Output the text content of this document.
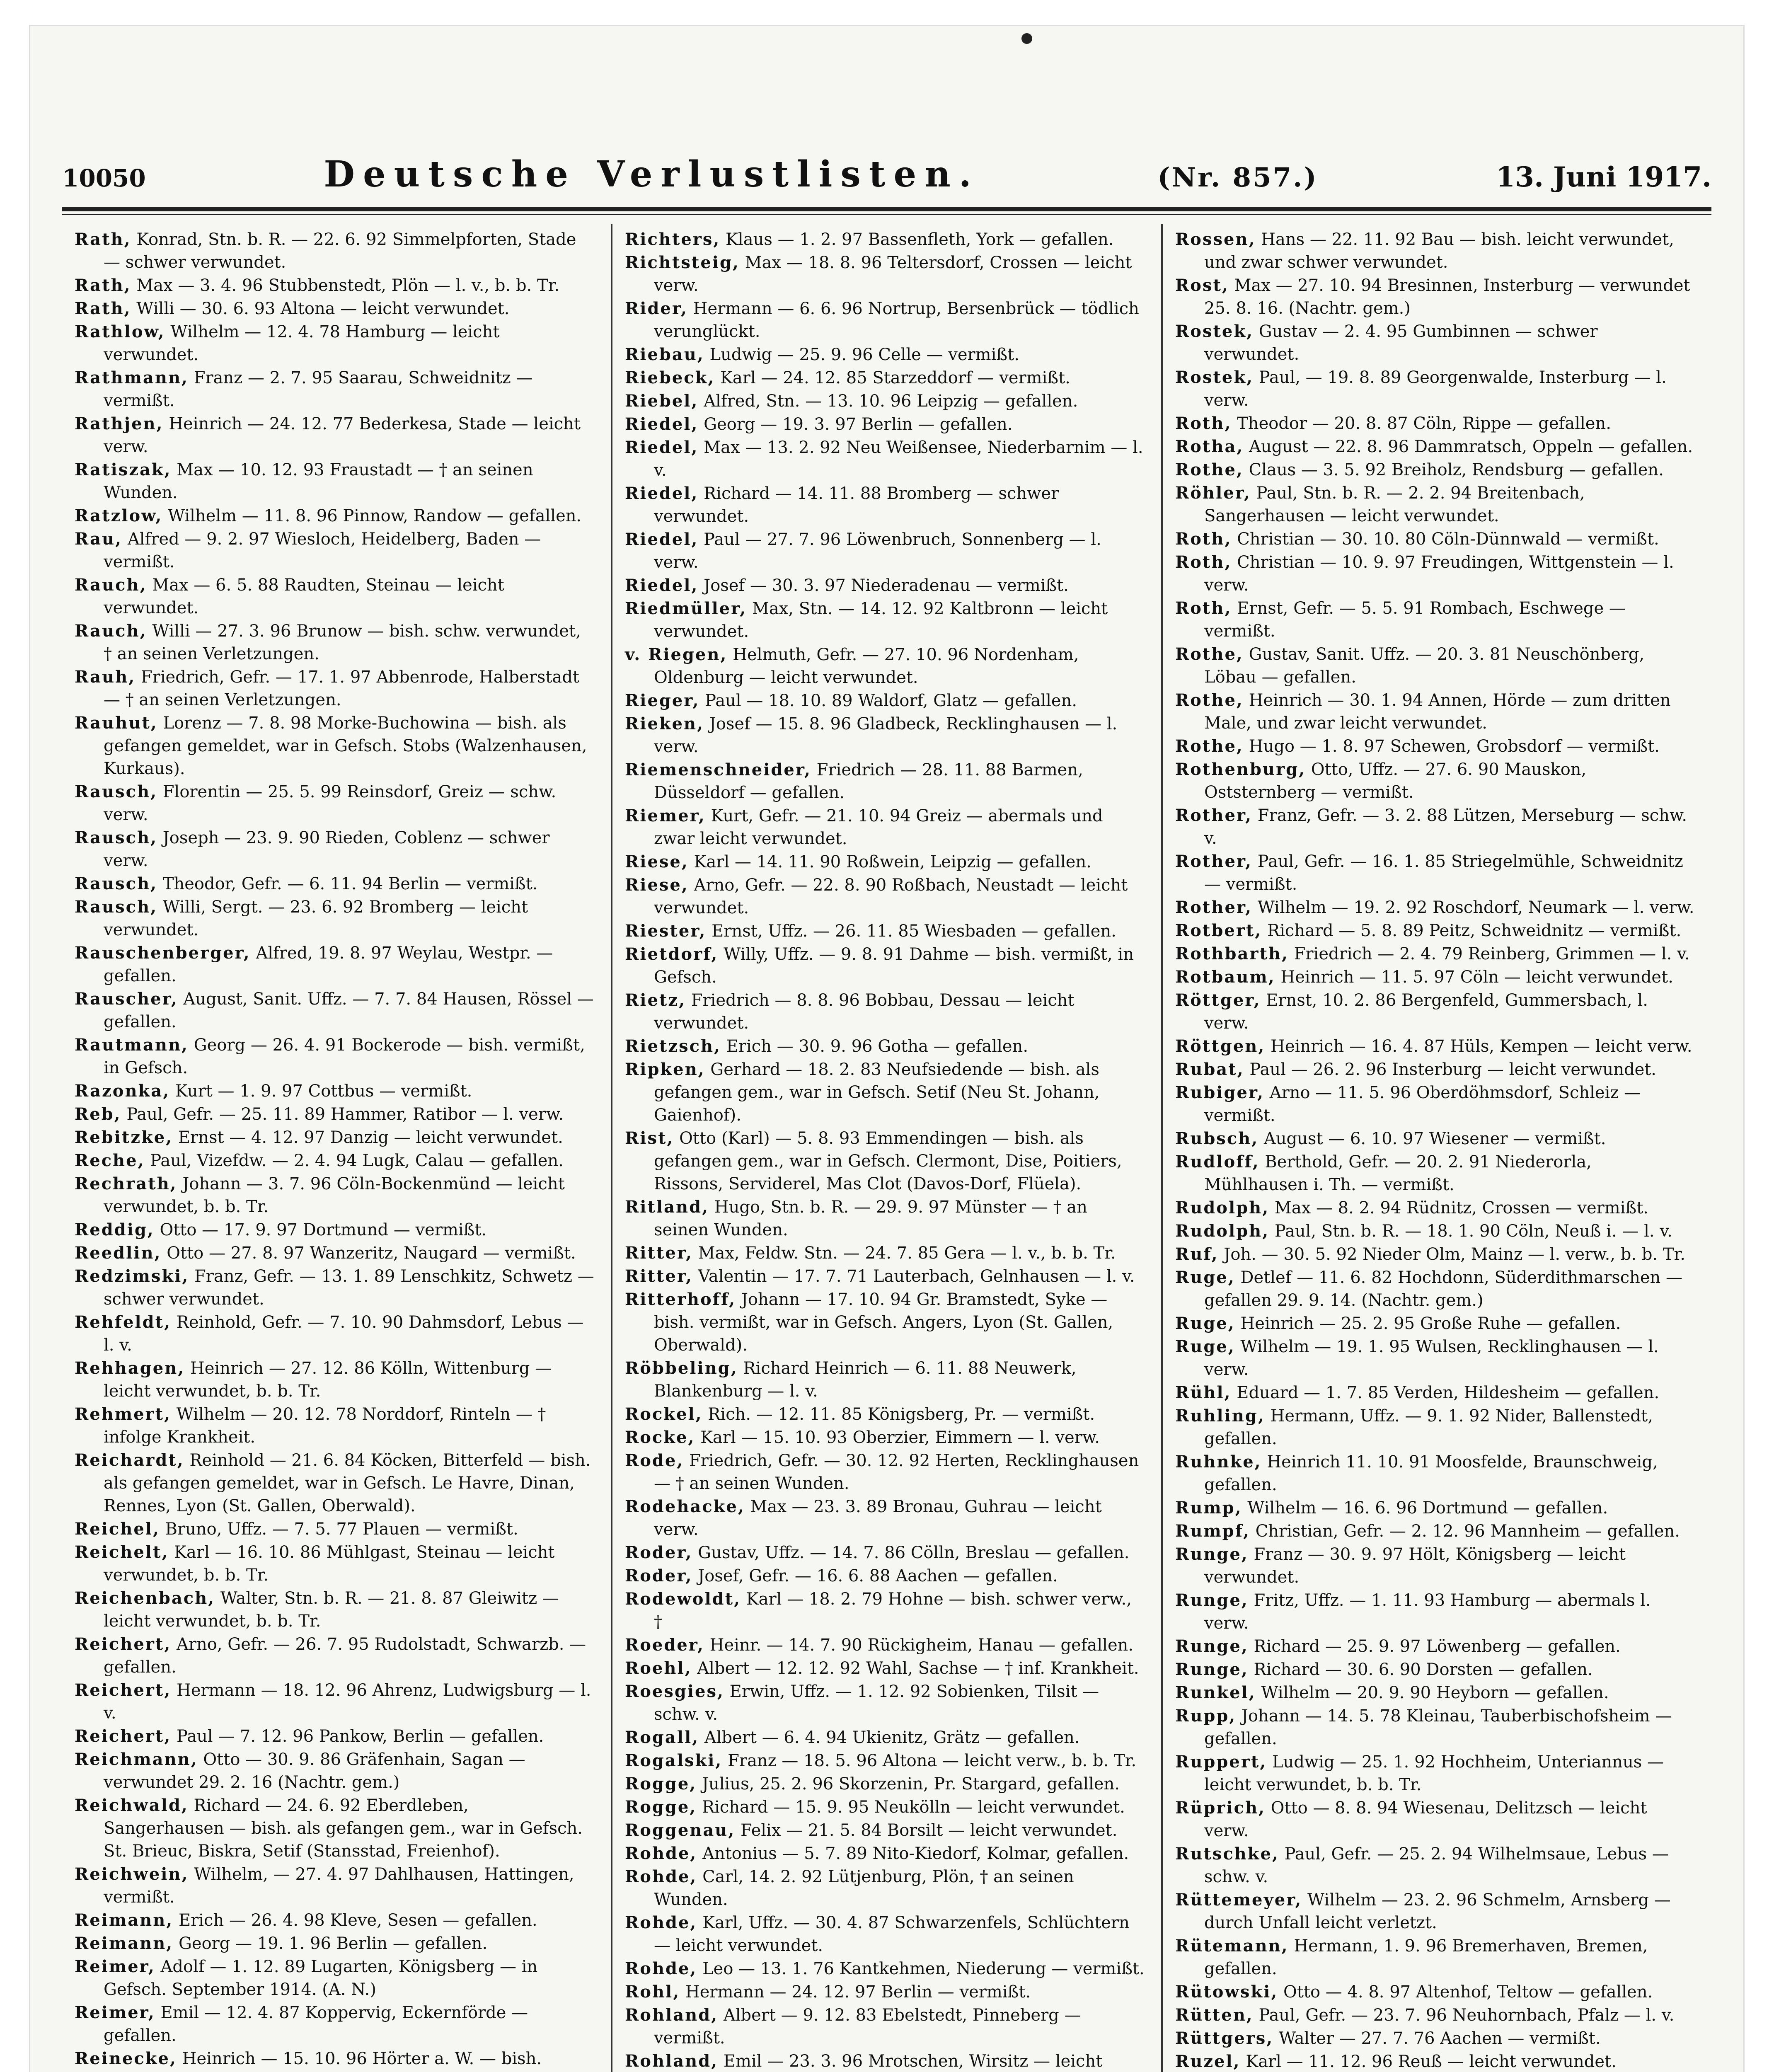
10050	Deutsche Verlustlisten.	(Nr. 857.)	13. Juni 1917.

Rath, Konrad, Stn. b. R. — 22. 6. 92 Simmelpforten, Stade — schwer verwundet.

Rath, Max — 3. 4. 96 Stubbenstedt, Plön — l. v., b. b. Tr.

Rath, Willi — 30. 6. 93 Altona — leicht verwundet.

Rathlow, Wilhelm — 12. 4. 78 Hamburg — leicht verwundet.

Rathmann, Franz — 2. 7. 95 Saarau, Schweidnitz — vermißt.

Rathjen, Heinrich — 24. 12. 77 Bederkesa, Stade — leicht verw.

Ratiszak, Max — 10. 12. 93 Fraustadt — † an seinen Wunden.

Ratzlow, Wilhelm — 11. 8. 96 Pinnow, Randow — gefallen.

Rau, Alfred — 9. 2. 97 Wiesloch, Heidelberg, Baden — vermißt.

Rauch, Max — 6. 5. 88 Raudten, Steinau — leicht verwundet.

Rauch, Willi — 27. 3. 96 Brunow — bish. schw. verwundet, † an seinen Verletzungen.

Rauh, Friedrich, Gefr. — 17. 1. 97 Abbenrode, Halberstadt — † an seinen Verletzungen.

Rauhut, Lorenz — 7. 8. 98 Morke-Buchowina — bish. als gefangen gemeldet, war in Gefsch. Stobs (Walzenhausen, Kurkaus).

Rausch, Florentin — 25. 5. 99 Reinsdorf, Greiz — schw. verw.

Rausch, Joseph — 23. 9. 90 Rieden, Coblenz — schwer verw.

Rausch, Theodor, Gefr. — 6. 11. 94 Berlin — vermißt.

Rausch, Willi, Sergt. — 23. 6. 92 Bromberg — leicht verwundet.

Rauschenberger, Alfred, 19. 8. 97 Weylau, Westpr. — gefallen.

Rauscher, August, Sanit. Uffz. — 7. 7. 84 Hausen, Rössel — gefallen.

Rautmann, Georg — 26. 4. 91 Bockerode — bish. vermißt, in Gefsch.

Razonka, Kurt — 1. 9. 97 Cottbus — vermißt.

Reb, Paul, Gefr. — 25. 11. 89 Hammer, Ratibor — l. verw.

Rebitzke, Ernst — 4. 12. 97 Danzig — leicht verwundet.

Reche, Paul, Vizefdw. — 2. 4. 94 Lugk, Calau — gefallen.

Rechrath, Johann — 3. 7. 96 Cöln-Bockenmünd — leicht verwundet, b. b. Tr.

Reddig, Otto — 17. 9. 97 Dortmund — vermißt.

Reedlin, Otto — 27. 8. 97 Wanzeritz, Naugard — vermißt.

Redzimski, Franz, Gefr. — 13. 1. 89 Lenschkitz, Schwetz — schwer verwundet.

Rehfeldt, Reinhold, Gefr. — 7. 10. 90 Dahmsdorf, Lebus — l. v.

Rehhagen, Heinrich — 27. 12. 86 Kölln, Wittenburg — leicht verwundet, b. b. Tr.

Rehmert, Wilhelm — 20. 12. 78 Norddorf, Rinteln — † infolge Krankheit.

Reichardt, Reinhold — 21. 6. 84 Köcken, Bitterfeld — bish. als gefangen gemeldet, war in Gefsch. Le Havre, Dinan, Rennes, Lyon (St. Gallen, Oberwald).

Reichel, Bruno, Uffz. — 7. 5. 77 Plauen — vermißt.

Reichelt, Karl — 16. 10. 86 Mühlgast, Steinau — leicht verwundet, b. b. Tr.

Reichenbach, Walter, Stn. b. R. — 21. 8. 87 Gleiwitz — leicht verwundet, b. b. Tr.

Reichert, Arno, Gefr. — 26. 7. 95 Rudolstadt, Schwarzb. — gefallen.

Reichert, Hermann — 18. 12. 96 Ahrenz, Ludwigsburg — l. v.

Reichert, Paul — 7. 12. 96 Pankow, Berlin — gefallen.

Reichmann, Otto — 30. 9. 86 Gräfenhain, Sagan — verwundet 29. 2. 16 (Nachtr. gem.)

Reichwald, Richard — 24. 6. 92 Eberdleben, Sangerhausen — bish. als gefangen gem., war in Gefsch. St. Brieuc, Biskra, Setif (Stansstad, Freienhof).

Reichwein, Wilhelm, — 27. 4. 97 Dahlhausen, Hattingen, vermißt.

Reimann, Erich — 26. 4. 98 Kleve, Sesen — gefallen.

Reimann, Georg — 19. 1. 96 Berlin — gefallen.

Reimer, Adolf — 1. 12. 89 Lugarten, Königsberg — in Gefsch. September 1914. (A. N.)

Reimer, Emil — 12. 4. 87 Koppervig, Eckernförde — gefallen.

Reinecke, Heinrich — 15. 10. 96 Hörter a. W. — bish.

Richters, Klaus — 1. 2. 97 Bassenfleth, York — gefallen.

Richtsteig, Max — 18. 8. 96 Teltersdorf, Crossen — leicht verw.

Rider, Hermann — 6. 6. 96 Nortrup, Bersenbrück — tödlich verunglückt.

Riebau, Ludwig — 25. 9. 96 Celle — vermißt.

Riebeck, Karl — 24. 12. 85 Starzeddorf — vermißt.

Riebel, Alfred, Stn. — 13. 10. 96 Leipzig — gefallen.

Riedel, Georg — 19. 3. 97 Berlin — gefallen.

Riedel, Max — 13. 2. 92 Neu Weißensee, Niederbarnim — l. v.

Riedel, Richard — 14. 11. 88 Bromberg — schwer verwundet.

Riedel, Paul — 27. 7. 96 Löwenbruch, Sonnenberg — l. verw.

Riedel, Josef — 30. 3. 97 Niederadenau — vermißt.

Riedmüller, Max, Stn. — 14. 12. 92 Kaltbronn — leicht verwundet.

v. Riegen, Helmuth, Gefr. — 27. 10. 96 Nordenham, Oldenburg — leicht verwundet.

Rieger, Paul — 18. 10. 89 Waldorf, Glatz — gefallen.

Rieken, Josef — 15. 8. 96 Gladbeck, Recklinghausen — l. verw.

Riemenschneider, Friedrich — 28. 11. 88 Barmen, Düsseldorf — gefallen.

Riemer, Kurt, Gefr. — 21. 10. 94 Greiz — abermals und zwar leicht verwundet.

Riese, Karl — 14. 11. 90 Roßwein, Leipzig — gefallen.

Riese, Arno, Gefr. — 22. 8. 90 Roßbach, Neustadt — leicht verwundet.

Riester, Ernst, Uffz. — 26. 11. 85 Wiesbaden — gefallen.

Rietdorf, Willy, Uffz. — 9. 8. 91 Dahme — bish. vermißt, in Gefsch.

Rietz, Friedrich — 8. 8. 96 Bobbau, Dessau — leicht verwundet.

Rietzsch, Erich — 30. 9. 96 Gotha — gefallen.

Ripken, Gerhard — 18. 2. 83 Neufsiedende — bish. als gefangen gem., war in Gefsch. Setif (Neu St. Johann, Gaienhof).

Rist, Otto (Karl) — 5. 8. 93 Emmendingen — bish. als gefangen gem., war in Gefsch. Clermont, Dise, Poitiers, Rissons, Serviderel, Mas Clot (Davos-Dorf, Flüela).

Ritland, Hugo, Stn. b. R. — 29. 9. 97 Münster — † an seinen Wunden.

Ritter, Max, Feldw. Stn. — 24. 7. 85 Gera — l. v., b. b. Tr.

Ritter, Valentin — 17. 7. 71 Lauterbach, Gelnhausen — l. v.

Ritterhoff, Johann — 17. 10. 94 Gr. Bramstedt, Syke — bish. vermißt, war in Gefsch. Angers, Lyon (St. Gallen, Oberwald).

Röbbeling, Richard Heinrich — 6. 11. 88 Neuwerk, Blankenburg — l. v.

Rockel, Rich. — 12. 11. 85 Königsberg, Pr. — vermißt.

Rocke, Karl — 15. 10. 93 Oberzier, Eimmern — l. verw.

Rode, Friedrich, Gefr. — 30. 12. 92 Herten, Recklinghausen — † an seinen Wunden.

Rodehacke, Max — 23. 3. 89 Bronau, Guhrau — leicht verw.

Roder, Gustav, Uffz. — 14. 7. 86 Cölln, Breslau — gefallen.

Roder, Josef, Gefr. — 16. 6. 88 Aachen — gefallen.

Rodewoldt, Karl — 18. 2. 79 Hohne — bish. schwer verw., †

Roeder, Heinr. — 14. 7. 90 Rückigheim, Hanau — gefallen.

Roehl, Albert — 12. 12. 92 Wahl, Sachse — † inf. Krankheit.

Roesgies, Erwin, Uffz. — 1. 12. 92 Sobienken, Tilsit — schw. v.

Rogall, Albert — 6. 4. 94 Ukienitz, Grätz — gefallen.

Rogalski, Franz — 18. 5. 96 Altona — leicht verw., b. b. Tr.

Rogge, Julius, 25. 2. 96 Skorzenin, Pr. Stargard, gefallen.

Rogge, Richard — 15. 9. 95 Neukölln — leicht verwundet.

Roggenau, Felix — 21. 5. 84 Borsilt — leicht verwundet.

Rohde, Antonius — 5. 7. 89 Nito-Kiedorf, Kolmar, gefallen.

Rohde, Carl, 14. 2. 92 Lütjenburg, Plön, † an seinen Wunden.

Rohde, Karl, Uffz. — 30. 4. 87 Schwarzenfels, Schlüchtern — leicht verwundet.

Rohde, Leo — 13. 1. 76 Kantkehmen, Niederung — vermißt.

Rohl, Hermann — 24. 12. 97 Berlin — vermißt.

Rohland, Albert — 9. 12. 83 Ebelstedt, Pinneberg — vermißt.

Rohland, Emil — 23. 3. 96 Mrotschen, Wirsitz — leicht

Rossen, Hans — 22. 11. 92 Bau — bish. leicht verwundet, und zwar schwer verwundet.

Rost, Max — 27. 10. 94 Bresinnen, Insterburg — verwundet 25. 8. 16. (Nachtr. gem.)

Rostek, Gustav — 2. 4. 95 Gumbinnen — schwer verwundet.

Rostek, Paul, — 19. 8. 89 Georgenwalde, Insterburg — l. verw.

Roth, Theodor — 20. 8. 87 Cöln, Rippe — gefallen.

Rotha, August — 22. 8. 96 Dammratsch, Oppeln — gefallen.

Rothe, Claus — 3. 5. 92 Breiholz, Rendsburg — gefallen.

Röhler, Paul, Stn. b. R. — 2. 2. 94 Breitenbach, Sangerhausen — leicht verwundet.

Roth, Christian — 30. 10. 80 Cöln-Dünnwald — vermißt.

Roth, Christian — 10. 9. 97 Freudingen, Wittgenstein — l. verw.

Roth, Ernst, Gefr. — 5. 5. 91 Rombach, Eschwege — vermißt.

Rothe, Gustav, Sanit. Uffz. — 20. 3. 81 Neuschönberg, Löbau — gefallen.

Rothe, Heinrich — 30. 1. 94 Annen, Hörde — zum dritten Male, und zwar leicht verwundet.

Rothe, Hugo — 1. 8. 97 Schewen, Grobsdorf — vermißt.

Rothenburg, Otto, Uffz. — 27. 6. 90 Mauskon, Oststernberg — vermißt.

Rother, Franz, Gefr. — 3. 2. 88 Lützen, Merseburg — schw. v.

Rother, Paul, Gefr. — 16. 1. 85 Striegelmühle, Schweidnitz — vermißt.

Rother, Wilhelm — 19. 2. 92 Roschdorf, Neumark — l. verw.

Rotbert, Richard — 5. 8. 89 Peitz, Schweidnitz — vermißt.

Rothbarth, Friedrich — 2. 4. 79 Reinberg, Grimmen — l. v.

Rotbaum, Heinrich — 11. 5. 97 Cöln — leicht verwundet.

Röttger, Ernst, 10. 2. 86 Bergenfeld, Gummersbach, l. verw.

Röttgen, Heinrich — 16. 4. 87 Hüls, Kempen — leicht verw.

Rubat, Paul — 26. 2. 96 Insterburg — leicht verwundet.

Rubiger, Arno — 11. 5. 96 Oberdöhmsdorf, Schleiz — vermißt.

Rubsch, August — 6. 10. 97 Wiesener — vermißt.

Rudloff, Berthold, Gefr. — 20. 2. 91 Niederorla, Mühlhausen i. Th. — vermißt.

Rudolph, Max — 8. 2. 94 Rüdnitz, Crossen — vermißt.

Rudolph, Paul, Stn. b. R. — 18. 1. 90 Cöln, Neuß i. — l. v.

Ruf, Joh. — 30. 5. 92 Nieder Olm, Mainz — l. verw., b. b. Tr.

Ruge, Detlef — 11. 6. 82 Hochdonn, Süderdithmarschen — gefallen 29. 9. 14. (Nachtr. gem.)

Ruge, Heinrich — 25. 2. 95 Große Ruhe — gefallen.

Ruge, Wilhelm — 19. 1. 95 Wulsen, Recklinghausen — l. verw.

Rühl, Eduard — 1. 7. 85 Verden, Hildesheim — gefallen.

Ruhling, Hermann, Uffz. — 9. 1. 92 Nider, Ballenstedt, gefallen.

Ruhnke, Heinrich 11. 10. 91 Moosfelde, Braunschweig, gefallen.

Rump, Wilhelm — 16. 6. 96 Dortmund — gefallen.

Rumpf, Christian, Gefr. — 2. 12. 96 Mannheim — gefallen.

Runge, Franz — 30. 9. 97 Hölt, Königsberg — leicht verwundet.

Runge, Fritz, Uffz. — 1. 11. 93 Hamburg — abermals l. verw.

Runge, Richard — 25. 9. 97 Löwenberg — gefallen.

Runge, Richard — 30. 6. 90 Dorsten — gefallen.

Runkel, Wilhelm — 20. 9. 90 Heyborn — gefallen.

Rupp, Johann — 14. 5. 78 Kleinau, Tauberbischofsheim — gefallen.

Ruppert, Ludwig — 25. 1. 92 Hochheim, Unteriannus — leicht verwundet, b. b. Tr.

Rüprich, Otto — 8. 8. 94 Wiesenau, Delitzsch — leicht verw.

Rutschke, Paul, Gefr. — 25. 2. 94 Wilhelmsaue, Lebus — schw. v.

Rüttemeyer, Wilhelm — 23. 2. 96 Schmelm, Arnsberg — durch Unfall leicht verletzt.

Rütemann, Hermann, 1. 9. 96 Bremerhaven, Bremen, gefallen.

Rütowski, Otto — 4. 8. 97 Altenhof, Teltow — gefallen.

Rütten, Paul, Gefr. — 23. 7. 96 Neuhornbach, Pfalz — l. v.

Rüttgers, Walter — 27. 7. 76 Aachen — vermißt.

Ruzel, Karl — 11. 12. 96 Reuß — leicht verwundet.
